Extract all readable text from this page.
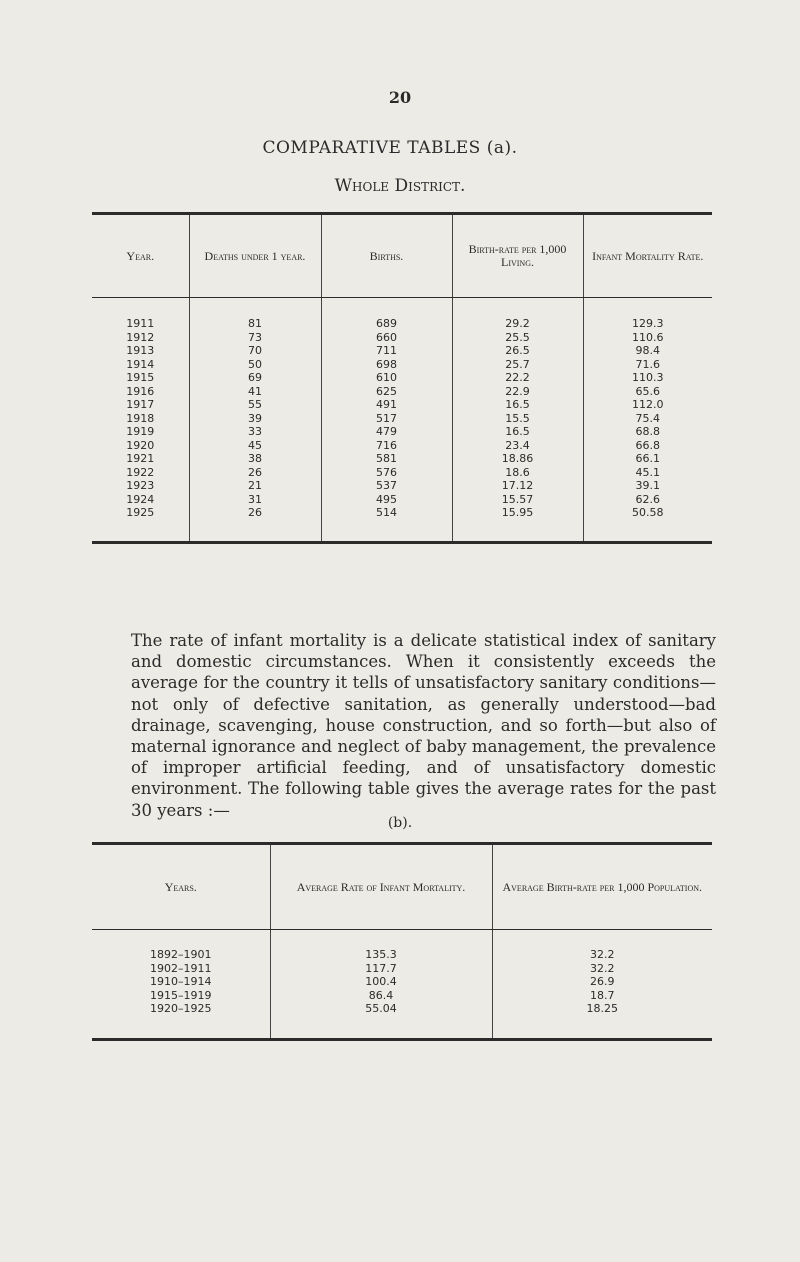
20
COMPARATIVE TABLES (a).
Whole District.
Year.	Deaths under 1 year.	Births.	Birth-rate per 1,000 Living.	Infant Mortality Rate.
1911	81	689	29.2	129.3
1912	73	660	25.5	110.6
1913	70	711	26.5	98.4
1914	50	698	25.7	71.6
1915	69	610	22.2	110.3
1916	41	625	22.9	65.6
1917	55	491	16.5	112.0
1918	39	517	15.5	75.4
1919	33	479	16.5	68.8
1920	45	716	23.4	66.8
1921	38	581	18.86	66.1
1922	26	576	18.6	45.1
1923	21	537	17.12	39.1
1924	31	495	15.57	62.6
1925	26	514	15.95	50.58

The rate of infant mortality is a delicate statistical index of sanitary and domestic circumstances. When it consistently exceeds the average for the country it tells of unsatisfactory sanitary conditions—not only of defective sanitation, as generally understood—bad drainage, scavenging, house construction, and so forth—but also of maternal ignorance and neglect of baby management, the prevalence of improper artificial feeding, and of unsatisfactory domestic environment. The following table gives the average rates for the past 30 years :—

(b).
Years.	Average Rate of Infant Mortality.	Average Birth-rate per 1,000 Population.
1892–1901	135.3	32.2
1902–1911	117.7	32.2
1910–1914	100.4	26.9
1915–1919	86.4	18.7
1920–1925	55.04	18.25
